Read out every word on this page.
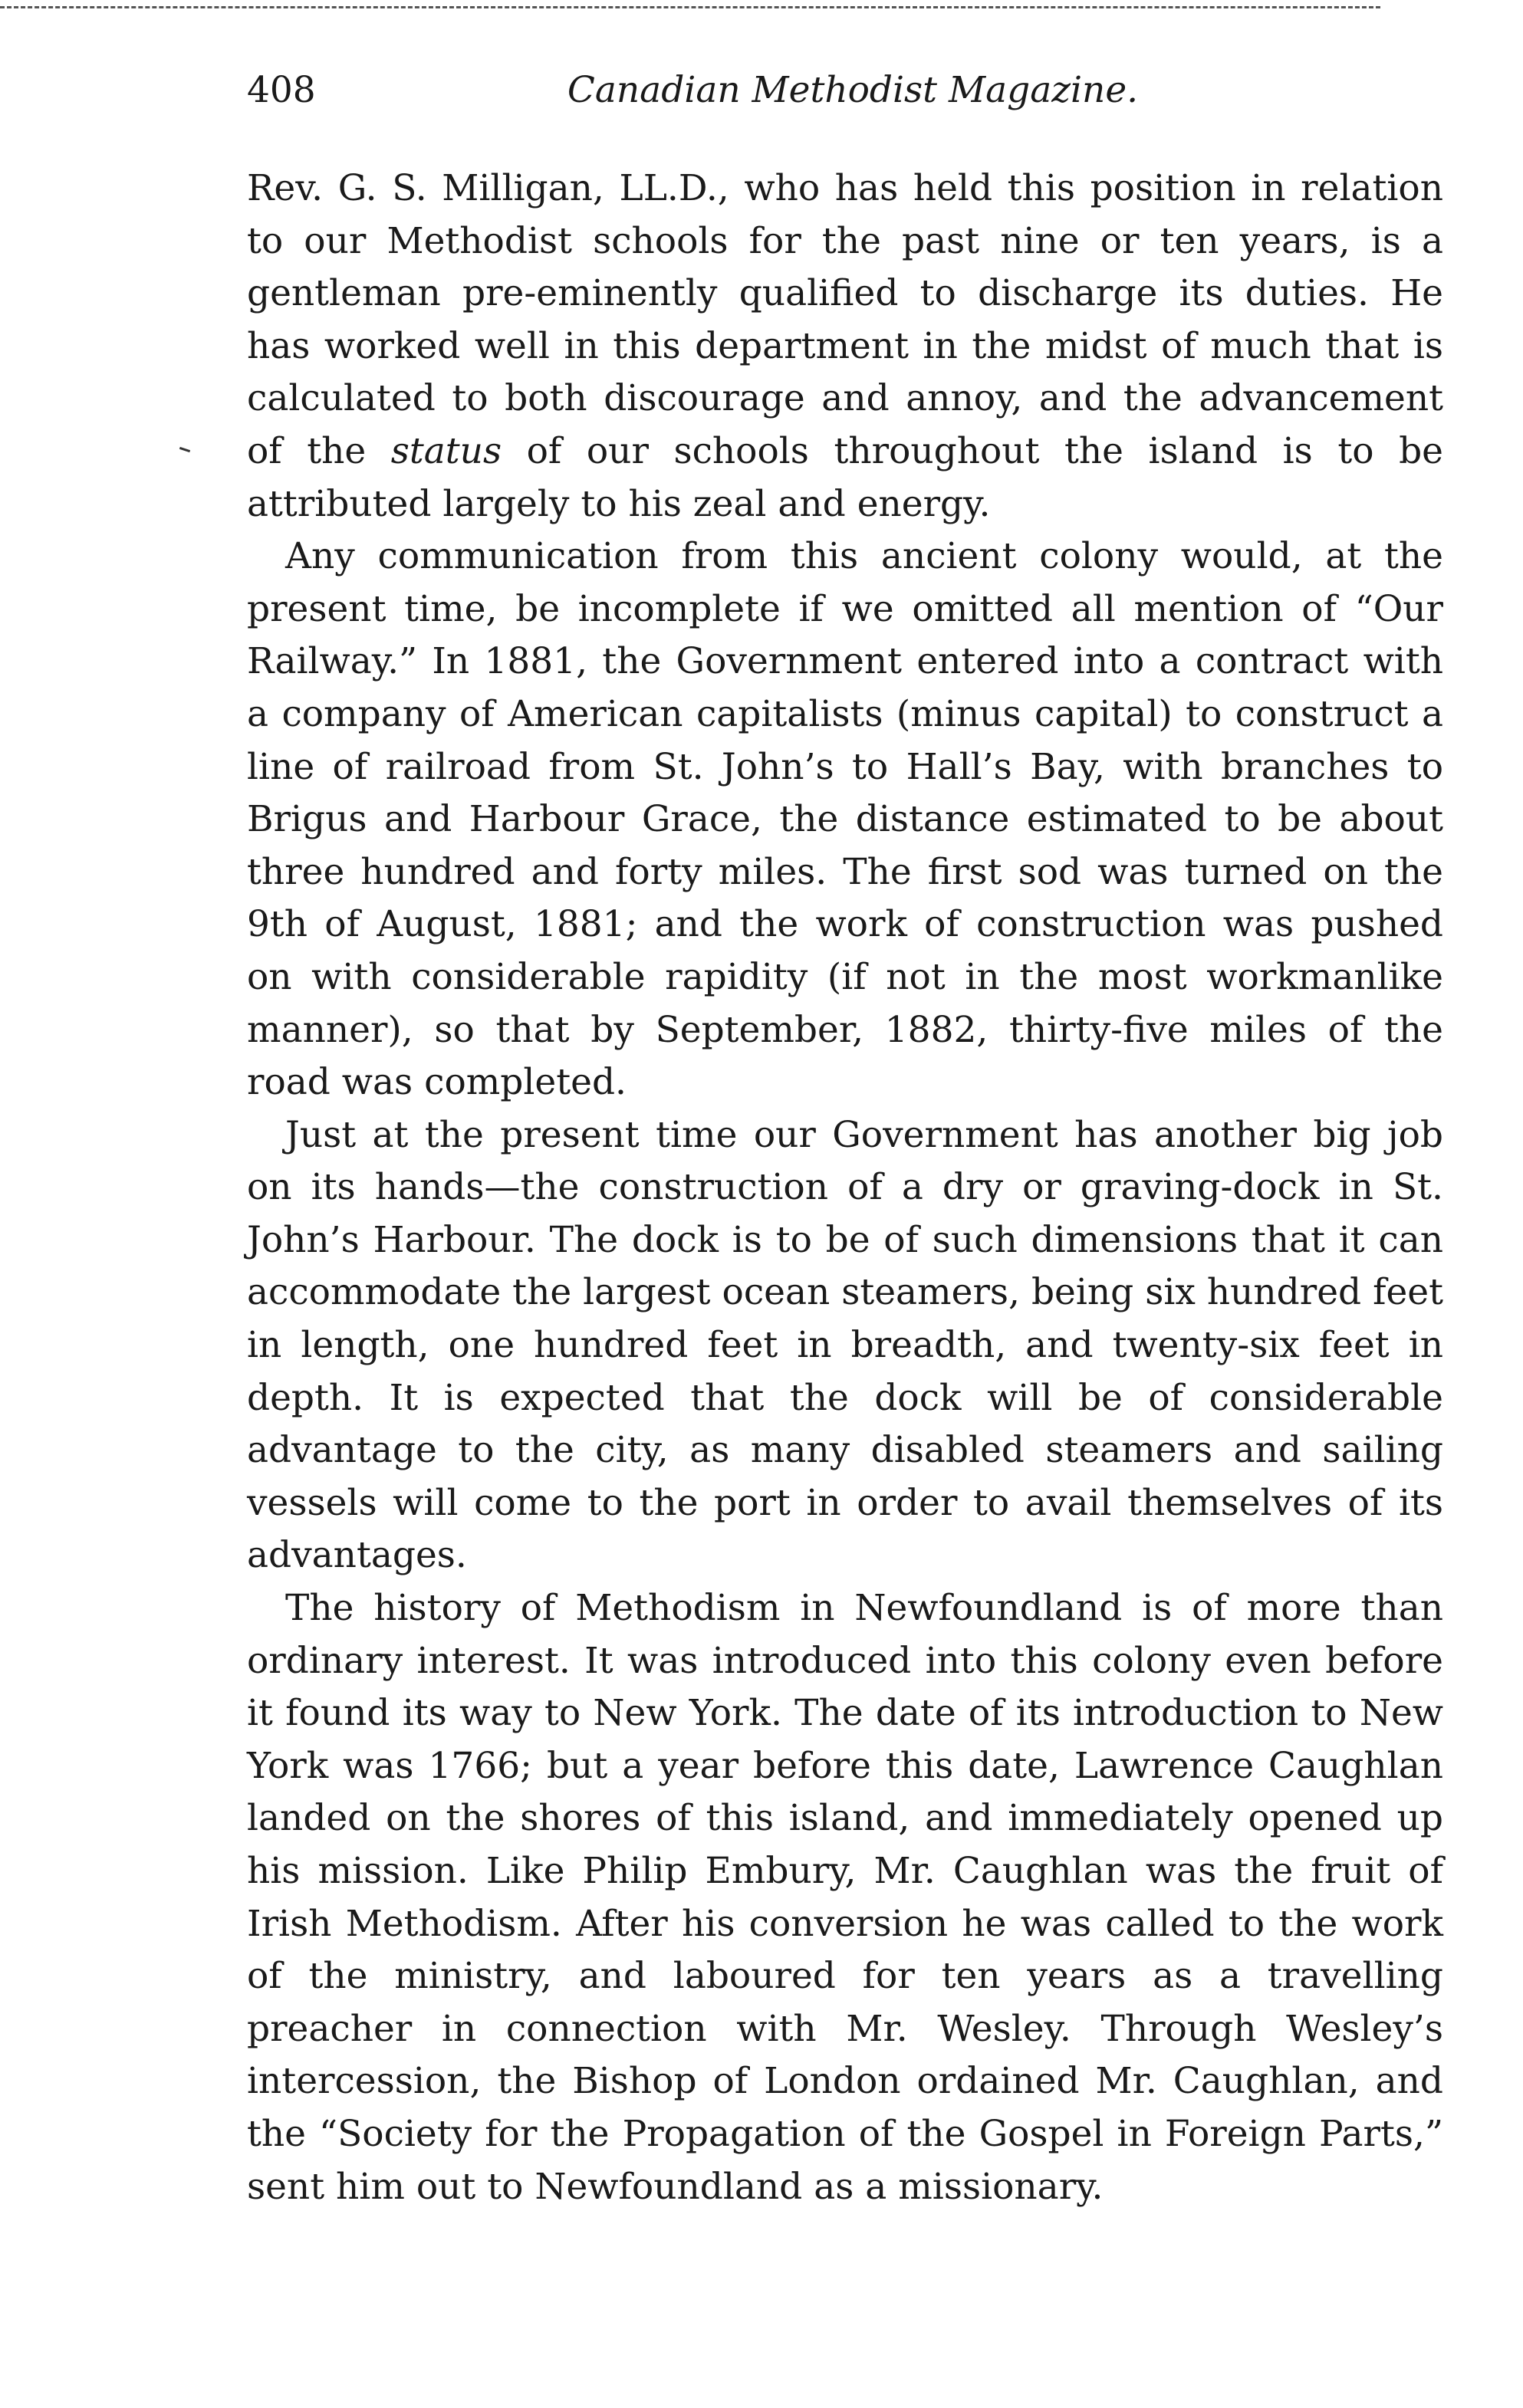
408	Canadian Methodist Magazine.

Rev. G. S. Milligan, LL.D., who has held this position in relation to our Methodist schools for the past nine or ten years, is a gentleman pre-eminently qualified to discharge its duties. He has worked well in this department in the midst of much that is calculated to both discourage and annoy, and the advancement of the status of our schools throughout the island is to be attributed largely to his zeal and energy.

Any communication from this ancient colony would, at the present time, be incomplete if we omitted all mention of “Our Railway.” In 1881, the Government entered into a contract with a company of American capitalists (minus capital) to construct a line of railroad from St. John’s to Hall’s Bay, with branches to Brigus and Harbour Grace, the distance estimated to be about three hundred and forty miles. The first sod was turned on the 9th of August, 1881; and the work of construction was pushed on with considerable rapidity (if not in the most workmanlike manner), so that by September, 1882, thirty-five miles of the road was completed.

Just at the present time our Government has another big job on its hands—the construction of a dry or graving-dock in St. John’s Harbour. The dock is to be of such dimensions that it can accommodate the largest ocean steamers, being six hundred feet in length, one hundred feet in breadth, and twenty-six feet in depth. It is expected that the dock will be of considerable advantage to the city, as many disabled steamers and sailing vessels will come to the port in order to avail themselves of its advantages.

The history of Methodism in Newfoundland is of more than ordinary interest. It was introduced into this colony even before it found its way to New York. The date of its introduction to New York was 1766; but a year before this date, Lawrence Caughlan landed on the shores of this island, and immediately opened up his mission. Like Philip Embury, Mr. Caughlan was the fruit of Irish Methodism. After his conversion he was called to the work of the ministry, and laboured for ten years as a travelling preacher in connection with Mr. Wesley. Through Wesley’s intercession, the Bishop of London ordained Mr. Caughlan, and the “Society for the Propagation of the Gospel in Foreign Parts,” sent him out to Newfoundland as a missionary.
